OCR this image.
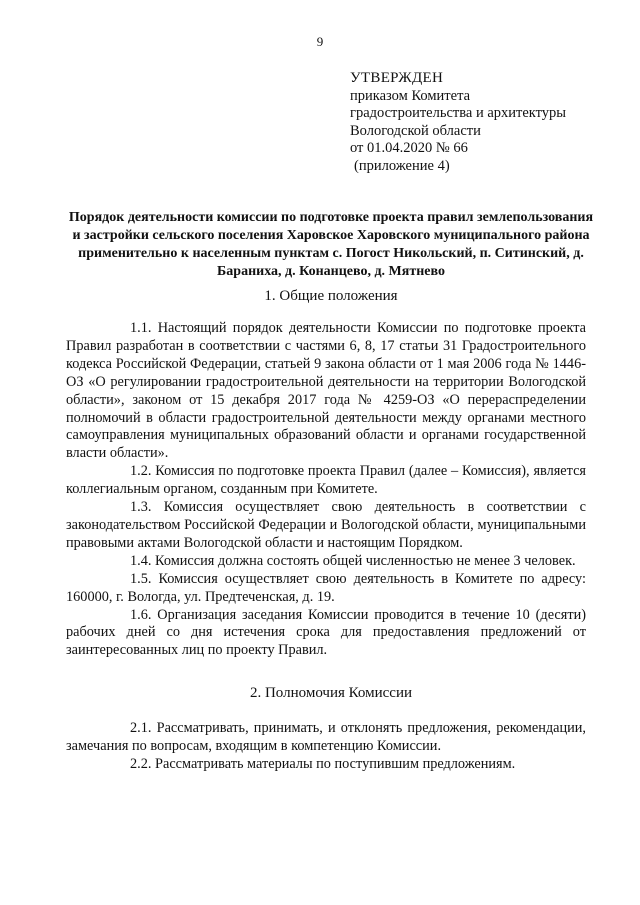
9
УТВЕРЖДЕН
приказом Комитета
градостроительства и архитектуры
Вологодской области
от 01.04.2020 № 66
(приложение 4)
Порядок деятельности комиссии по подготовке проекта правил землепользования и застройки сельского поселения Харовское Харовского муниципального района применительно к населенным пунктам с. Погост Никольский, п. Ситинский, д. Бараниха, д. Конанцево, д. Мятнево
1. Общие положения

1.1. Настоящий порядок деятельности Комиссии по подготовке проекта Правил разработан в соответствии с частями 6, 8, 17 статьи 31 Градостроительного кодекса Российской Федерации, статьей 9 закона области от 1 мая 2006 года № 1446-ОЗ «О регулировании градостроительной деятельности на территории Вологодской области», законом от 15 декабря 2017 года № 4259-ОЗ «О перераспределении полномочий в области градостроительной деятельности между органами местного самоуправления муниципальных образований области и органами государственной власти области».

1.2. Комиссия по подготовке проекта Правил (далее – Комиссия), является коллегиальным органом, созданным при Комитете.

1.3. Комиссия осуществляет свою деятельность в соответствии с законодательством Российской Федерации и Вологодской области, муниципальными правовыми актами Вологодской области и настоящим Порядком.

1.4. Комиссия должна состоять общей численностью не менее 3 человек.

1.5. Комиссия осуществляет свою деятельность в Комитете по адресу: 160000, г. Вологда, ул. Предтеченская, д. 19.

1.6. Организация заседания Комиссии проводится в течение 10 (десяти) рабочих дней со дня истечения срока для предоставления предложений от заинтересованных лиц по проекту Правил.

2. Полномочия Комиссии

2.1. Рассматривать, принимать, и отклонять предложения, рекомендации, замечания по вопросам, входящим в компетенцию Комиссии.

2.2. Рассматривать материалы по поступившим предложениям.
